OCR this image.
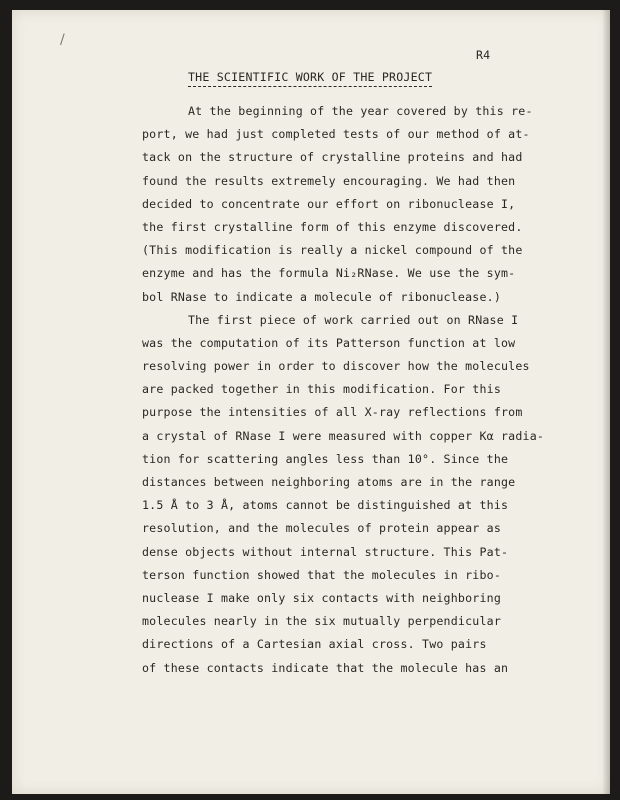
/
R4
THE SCIENTIFIC WORK OF THE PROJECT
At the beginning of the year covered by this re-
port, we had just completed tests of our method of at-
tack on the structure of crystalline proteins and had
found the results extremely encouraging. We had then
decided to concentrate our effort on ribonuclease I,
the first crystalline form of this enzyme discovered.
(This modification is really a nickel compound of the
enzyme and has the formula Ni₂RNase. We use the sym-
bol RNase to indicate a molecule of ribonuclease.)
The first piece of work carried out on RNase I
was the computation of its Patterson function at low
resolving power in order to discover how the molecules
are packed together in this modification. For this
purpose the intensities of all X-ray reflections from
a crystal of RNase I were measured with copper Kα radia-
tion for scattering angles less than 10°. Since the
distances between neighboring atoms are in the range
1.5 Å to 3 Å, atoms cannot be distinguished at this
resolution, and the molecules of protein appear as
dense objects without internal structure. This Pat-
terson function showed that the molecules in ribo-
nuclease I make only six contacts with neighboring
molecules nearly in the six mutually perpendicular
directions of a Cartesian axial cross. Two pairs
of these contacts indicate that the molecule has an
